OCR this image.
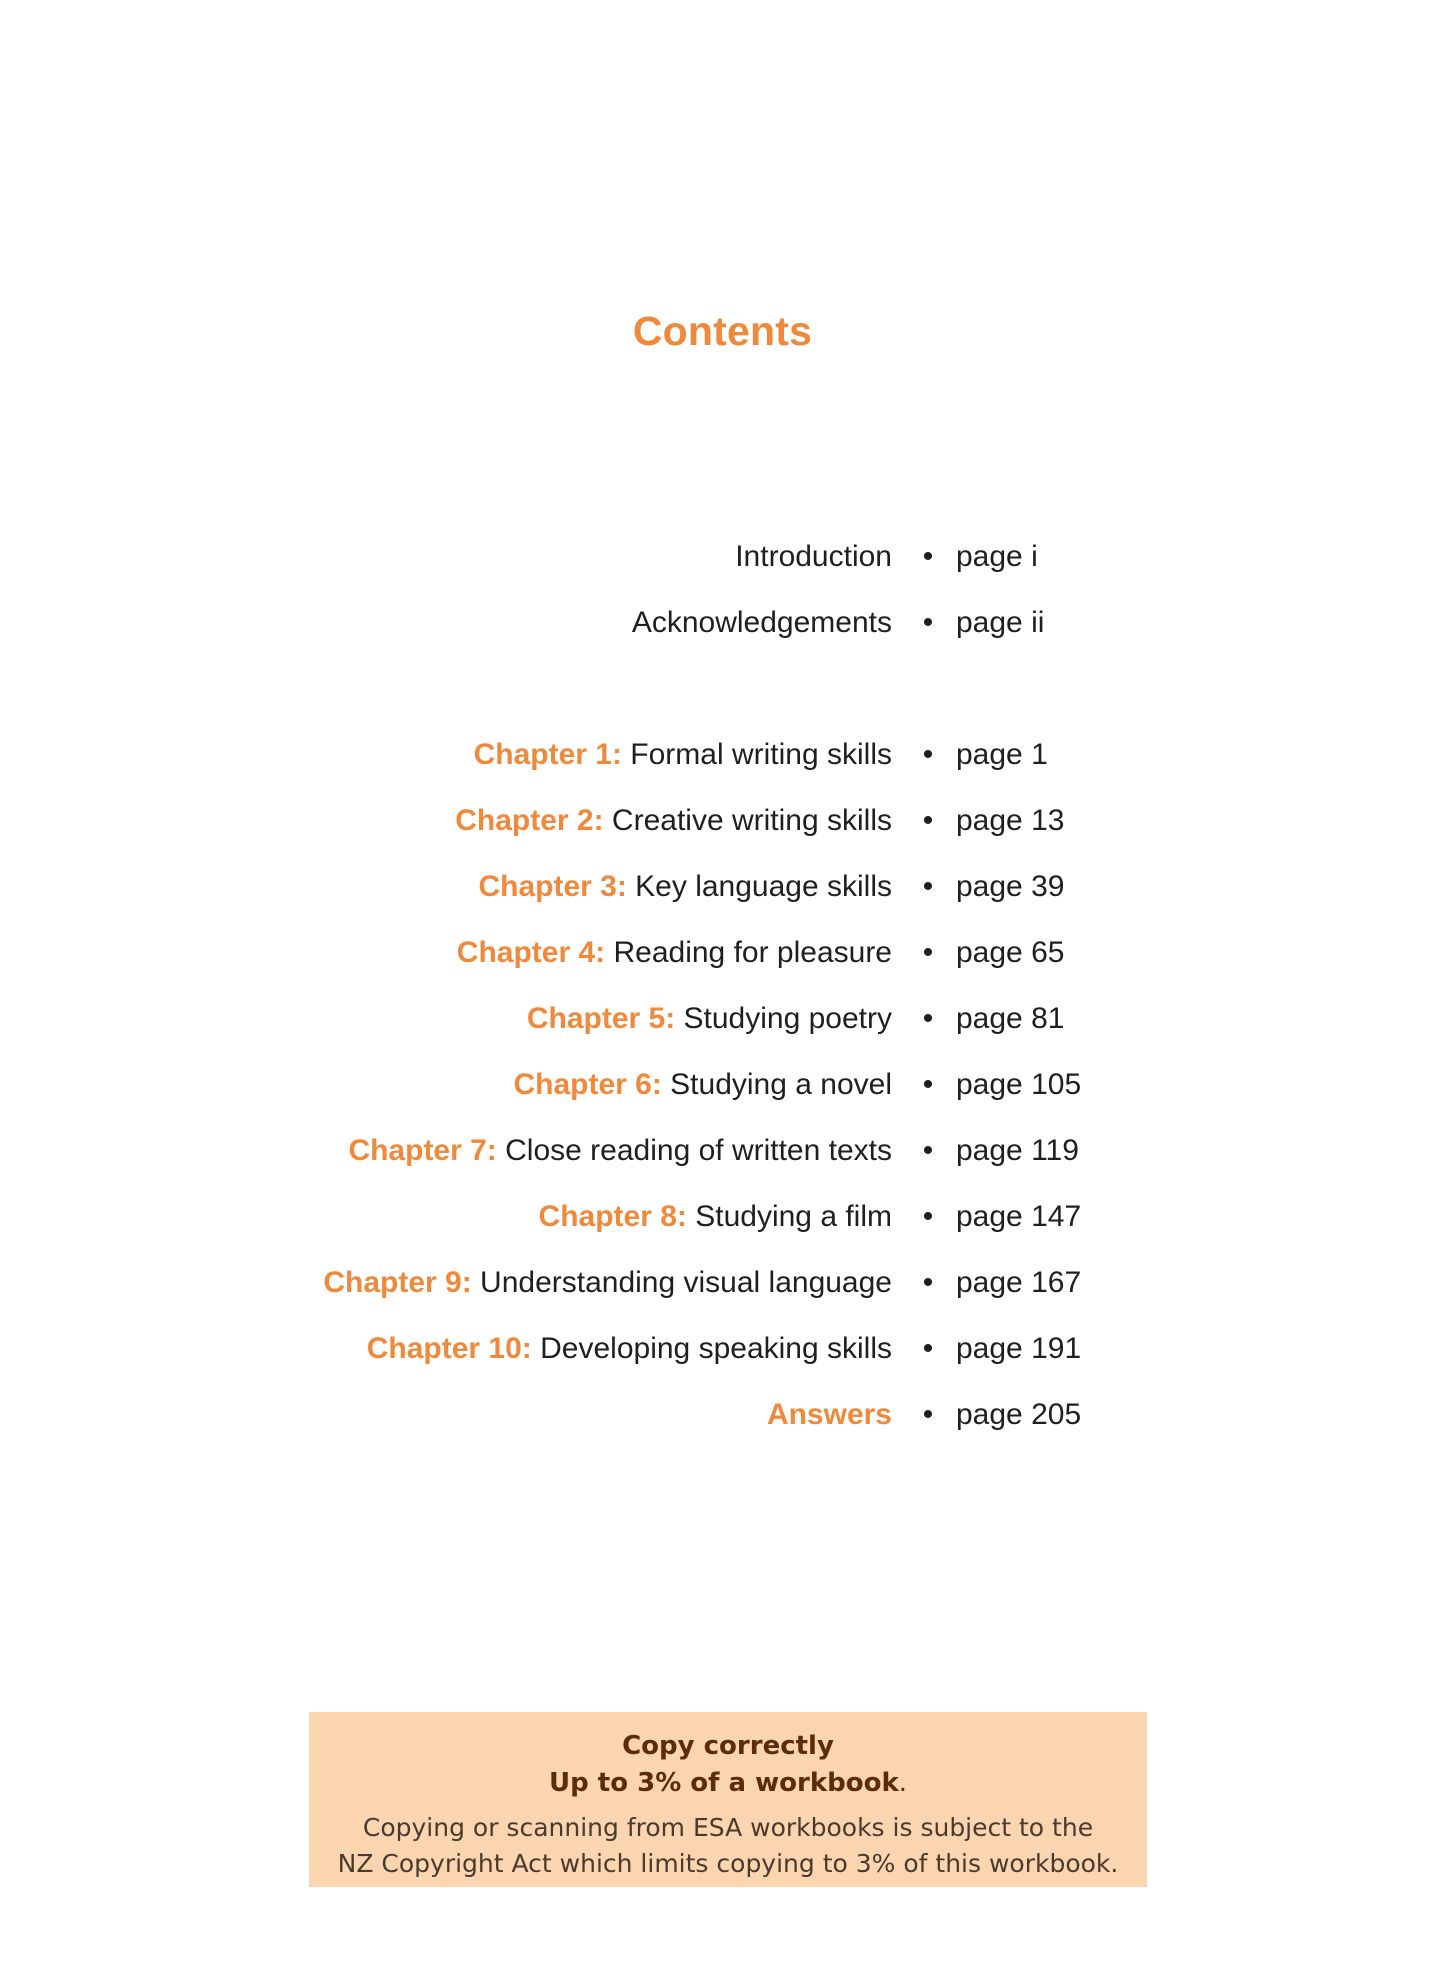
Contents
Introduction • page i
Acknowledgements • page ii
Chapter 1: Formal writing skills • page 1
Chapter 2: Creative writing skills • page 13
Chapter 3: Key language skills • page 39
Chapter 4: Reading for pleasure • page 65
Chapter 5: Studying poetry • page 81
Chapter 6: Studying a novel • page 105
Chapter 7: Close reading of written texts • page 119
Chapter 8: Studying a film • page 147
Chapter 9: Understanding visual language • page 167
Chapter 10: Developing speaking skills • page 191
Answers • page 205
Copy correctly
Up to 3% of a workbook.
Copying or scanning from ESA workbooks is subject to the
NZ Copyright Act which limits copying to 3% of this workbook.
